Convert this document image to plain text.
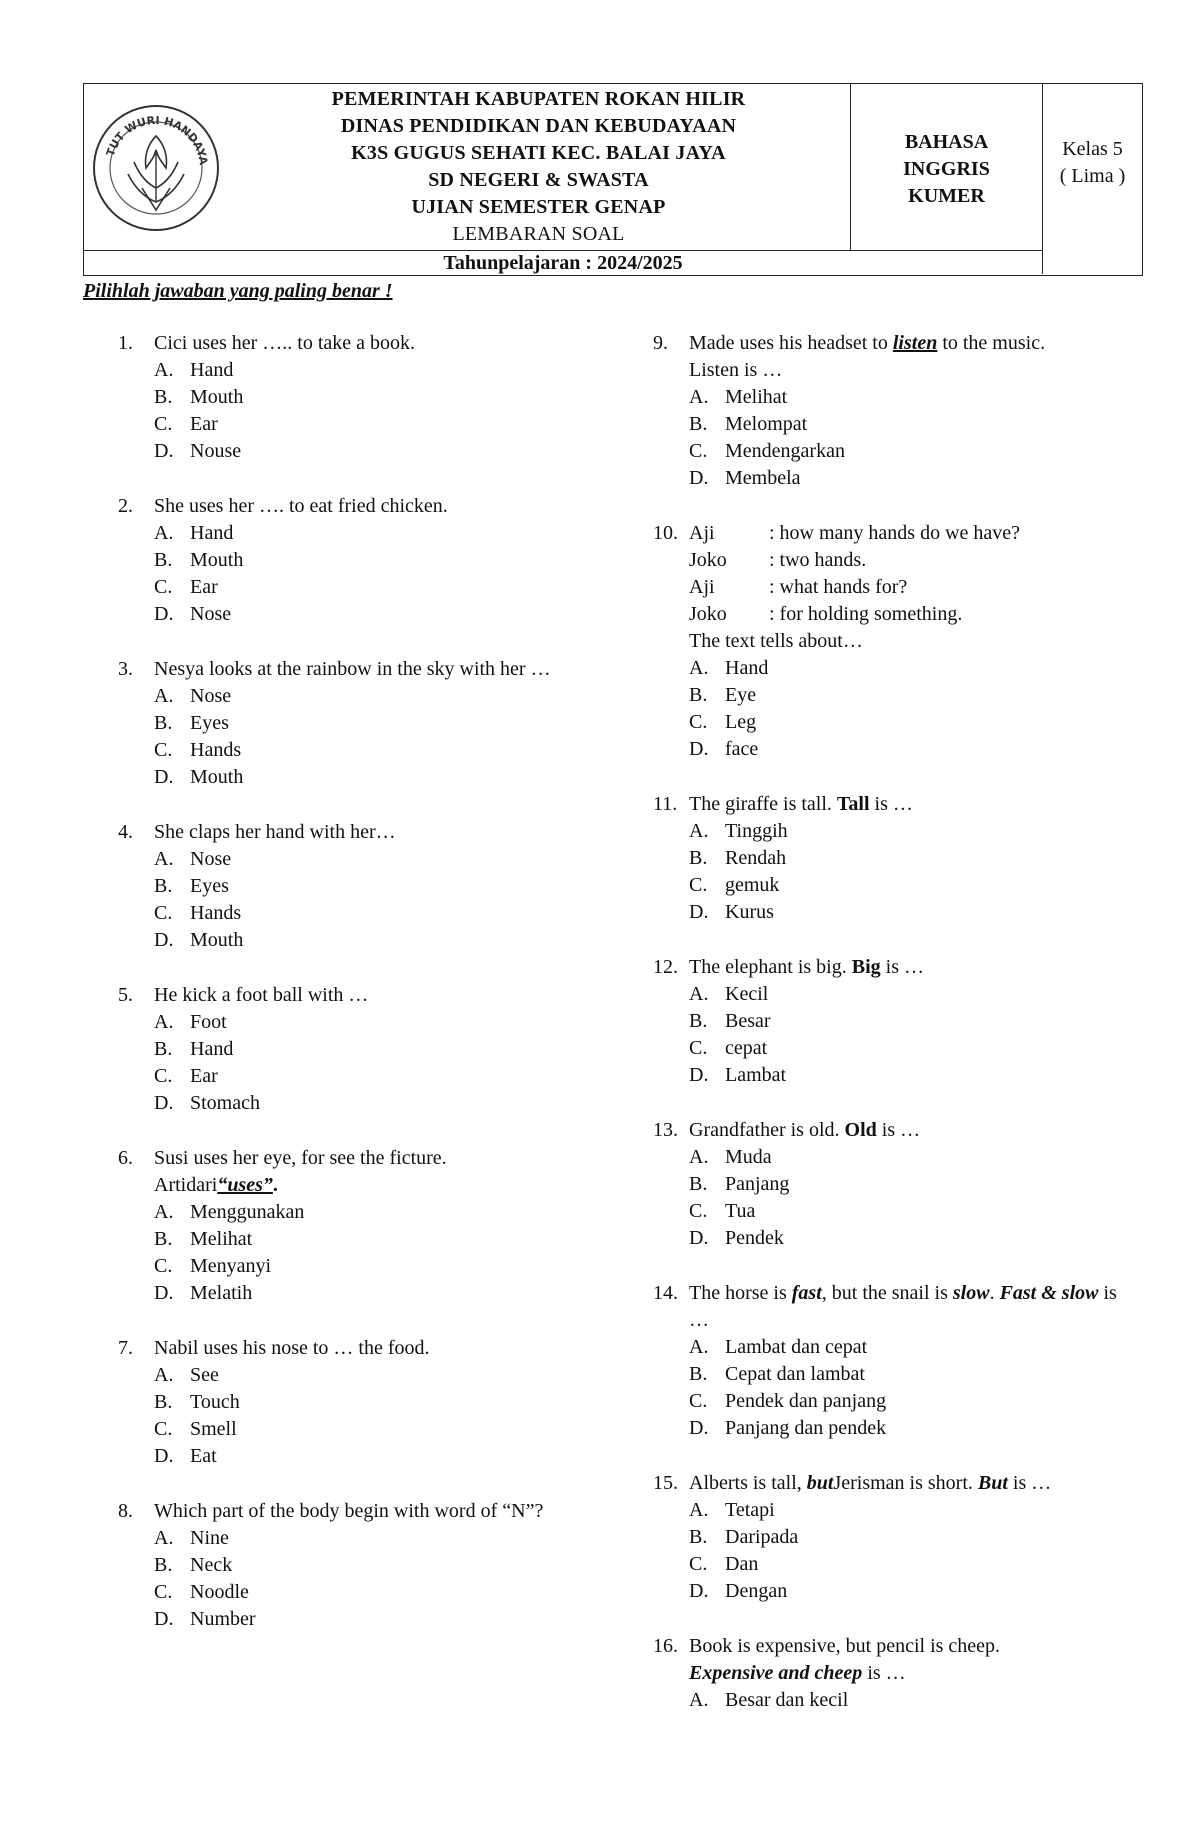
TUT WURI HANDAYA
PEMERINTAH KABUPATEN ROKAN HILIR
DINAS PENDIDIKAN DAN KEBUDAYAAN
K3S GUGUS SEHATI KEC. BALAI JAYA
SD NEGERI & SWASTA
UJIAN SEMESTER GENAP
LEMBARAN SOAL
BAHASA
INGGRIS
KUMER
Kelas 5
( Lima )
Tahunpelajaran : 2024/2025
Pilihlah jawaban yang paling benar !
1.	Cici uses her ….. to take a book.
A. Hand
B. Mouth
C. Ear
D. Nouse
2.	She uses her …. to eat fried chicken.
A. Hand
B. Mouth
C. Ear
D. Nose
3.	Nesya looks at the rainbow in the sky with her …
A. Nose
B. Eyes
C. Hands
D. Mouth
4.	She claps her hand with her…
A. Nose
B. Eyes
C. Hands
D. Mouth
5.	He kick a foot ball with …
A. Foot
B. Hand
C. Ear
D. Stomach
6.	Susi uses her eye, for see the ficture.
Artidari“uses”.
A. Menggunakan
B. Melihat
C. Menyanyi
D. Melatih
7.	Nabil uses his nose to … the food.
A. See
B. Touch
C. Smell
D. Eat
8.	Which part of the body begin with word of “N”?
A. Nine
B. Neck
C. Noodle
D. Number
9.	Made uses his headset to listen to the music.
Listen is …
A. Melihat
B. Melompat
C. Mendengarkan
D. Membela
10. Aji	: how many hands do we have?
Joko	: two hands.
Aji	: what hands for?
Joko	: for holding something.
The text tells about…
A. Hand
B. Eye
C. Leg
D. face
11. The giraffe is tall. Tall is …
A. Tinggih
B. Rendah
C. gemuk
D. Kurus
12. The elephant is big. Big is …
A. Kecil
B. Besar
C. cepat
D. Lambat
13. Grandfather is old. Old is …
A. Muda
B. Panjang
C. Tua
D. Pendek
14. The horse is fast, but the snail is slow. Fast & slow is …
A. Lambat dan cepat
B. Cepat dan lambat
C. Pendek dan panjang
D. Panjang dan pendek
15. Alberts is tall, butJerisman is short. But is …
A. Tetapi
B. Daripada
C. Dan
D. Dengan
16. Book is expensive, but pencil is cheep.
Expensive and cheep is …
A. Besar dan kecil
